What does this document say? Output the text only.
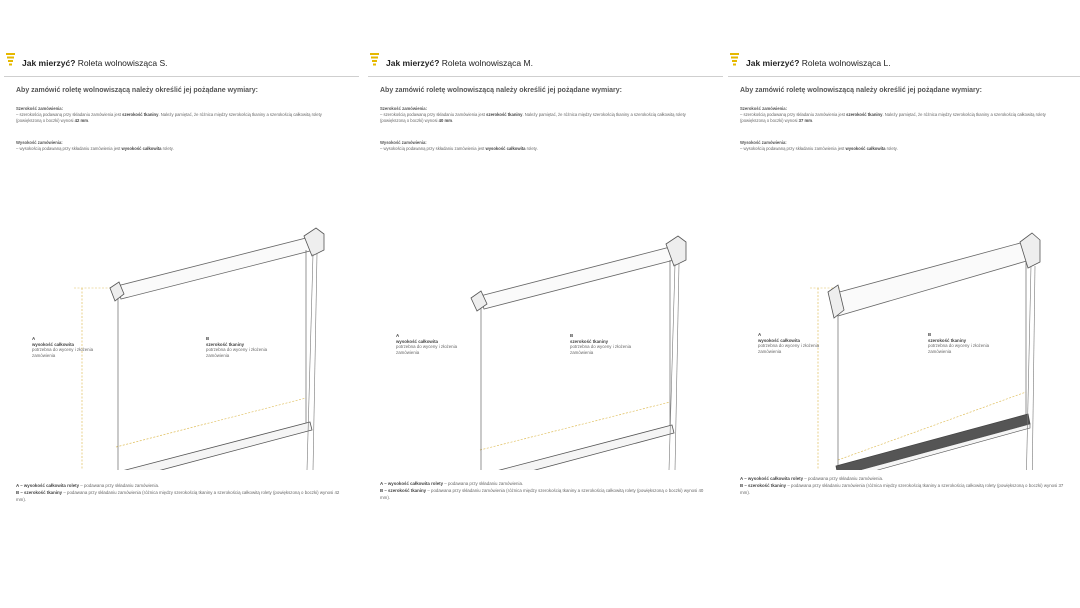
Jak mierzyć? Roleta wolnowisząca S.
Aby zamówić roletę wolnowiszącą należy określić jej pożądane wymiary:
Szerokość zamówienia:
– szerokością podawaną przy składaniu zamówienia jest szerokość tkaniny. Należy pamiętać, że różnica między szerokością tkaniny a szerokością całkowitą rolety (powiększoną o boczki) wynosi 42 mm.
Wysokość zamówienia:
– wysokością podawaną przy składaniu zamówienia jest wysokość całkowita rolety.
A
wysokość całkowita
potrzebna do wyceny i złożenia zamówienia
B
szerokość tkaniny
potrzebna do wyceny i złożenia zamówienia
A – wysokość całkowita rolety – podawana przy składaniu zamówienia.
B – szerokość tkaniny – podawana przy składaniu zamówienia (różnica między szerokością tkaniny a szerokością całkowitą rolety (powiększoną o boczki) wynosi 42 mm).
Jak mierzyć? Roleta wolnowisząca M.
Aby zamówić roletę wolnowiszącą należy określić jej pożądane wymiary:
Szerokość zamówienia:
– szerokością podawaną przy składaniu zamówienia jest szerokość tkaniny. Należy pamiętać, że różnica między szerokością tkaniny a szerokością całkowitą rolety (powiększoną o boczki) wynosi 40 mm.
Wysokość zamówienia:
– wysokością podawaną przy składaniu zamówienia jest wysokość całkowita rolety.
A
wysokość całkowita
potrzebna do wyceny i złożenia zamówienia
B
szerokość tkaniny
potrzebna do wyceny i złożenia zamówienia
A – wysokość całkowita rolety – podawana przy składaniu zamówienia.
B – szerokość tkaniny – podawana przy składaniu zamówienia (różnica między szerokością tkaniny a szerokością całkowitą rolety (powiększoną o boczki) wynosi 40 mm).
Jak mierzyć? Roleta wolnowisząca L.
Aby zamówić roletę wolnowiszącą należy określić jej pożądane wymiary:
Szerokość zamówienia:
– szerokością podawaną przy składaniu zamówienia jest szerokość tkaniny. Należy pamiętać, że różnica między szerokością tkaniny a szerokością całkowitą rolety (powiększoną o boczki) wynosi 37 mm.
Wysokość zamówienia:
– wysokością podawaną przy składaniu zamówienia jest wysokość całkowita rolety.
A
wysokość całkowita
potrzebna do wyceny i złożenia zamówienia
B
szerokość tkaniny
potrzebna do wyceny i złożenia zamówienia
A – wysokość całkowita rolety – podawana przy składaniu zamówienia.
B – szerokość tkaniny – podawana przy składaniu zamówienia (różnica między szerokością tkaniny a szerokością całkowitą rolety (powiększoną o boczki) wynosi 37 mm).
